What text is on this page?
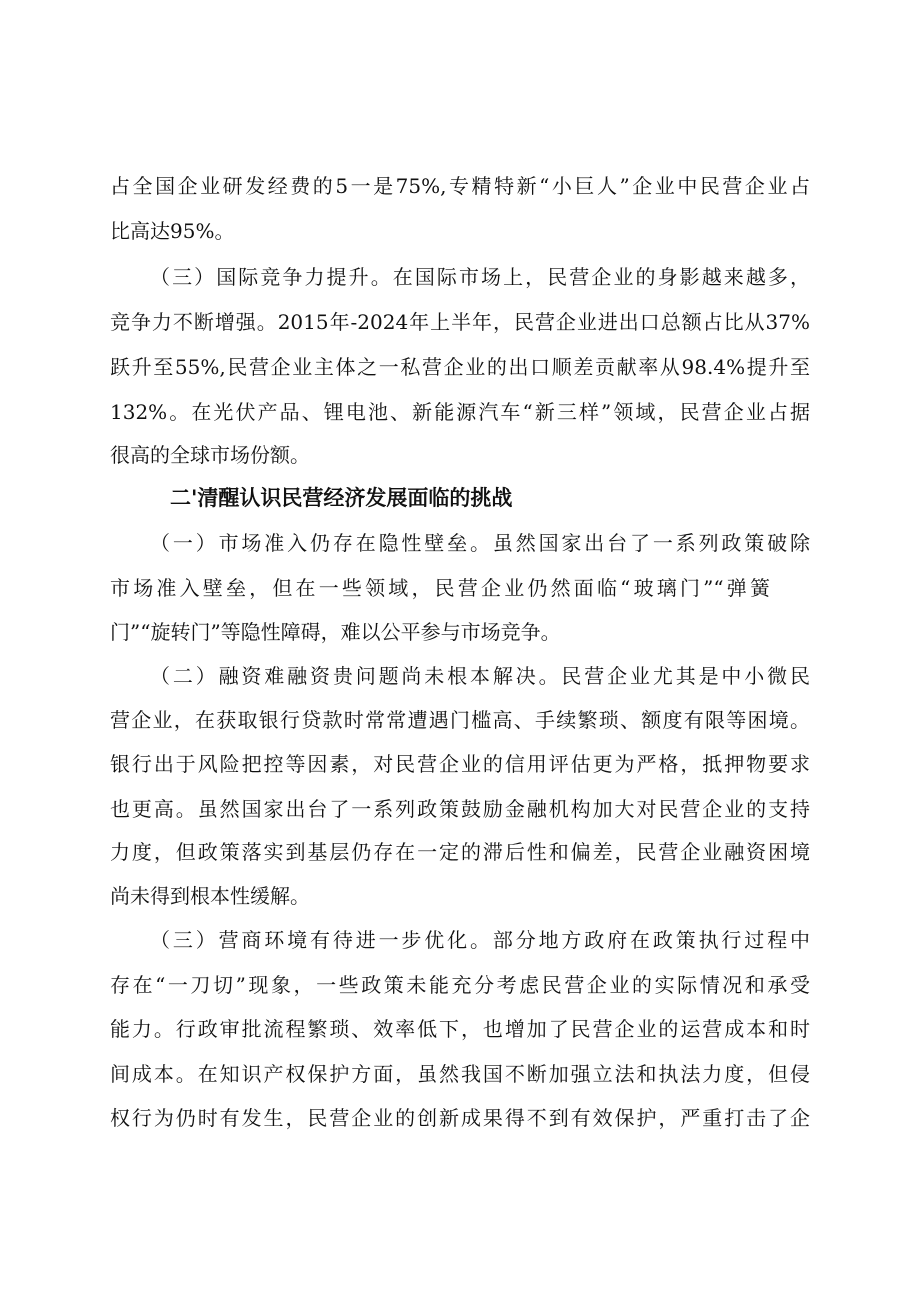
占全国企业研发经费的5一是75%,专精特新“小巨人”企业中民营企业占
比高达95%。
（三）国际竞争力提升。在国际市场上，民营企业的身影越来越多，
竞争力不断增强。2015年-2024年上半年，民营企业进出口总额占比从37%
跃升至55%,民营企业主体之一私营企业的出口顺差贡献率从98.4%提升至
132%。在光伏产品、锂电池、新能源汽车“新三样”领域，民营企业占据
很高的全球市场份额。
二'清醒认识民营经济发展面临的挑战
（一）市场准入仍存在隐性壁垒。虽然国家出台了一系列政策破除
市场准入壁垒，但在一些领域，民营企业仍然面临“玻璃门”“弹簧
门”“旋转门”等隐性障碍，难以公平参与市场竞争。
（二）融资难融资贵问题尚未根本解决。民营企业尤其是中小微民
营企业，在获取银行贷款时常常遭遇门槛高、手续繁琐、额度有限等困境。
银行出于风险把控等因素，对民营企业的信用评估更为严格，抵押物要求
也更高。虽然国家出台了一系列政策鼓励金融机构加大对民营企业的支持
力度，但政策落实到基层仍存在一定的滞后性和偏差，民营企业融资困境
尚未得到根本性缓解。
（三）营商环境有待进一步优化。部分地方政府在政策执行过程中
存在“一刀切”现象，一些政策未能充分考虑民营企业的实际情况和承受
能力。行政审批流程繁琐、效率低下，也增加了民营企业的运营成本和时
间成本。在知识产权保护方面，虽然我国不断加强立法和执法力度，但侵
权行为仍时有发生，民营企业的创新成果得不到有效保护，严重打击了企
